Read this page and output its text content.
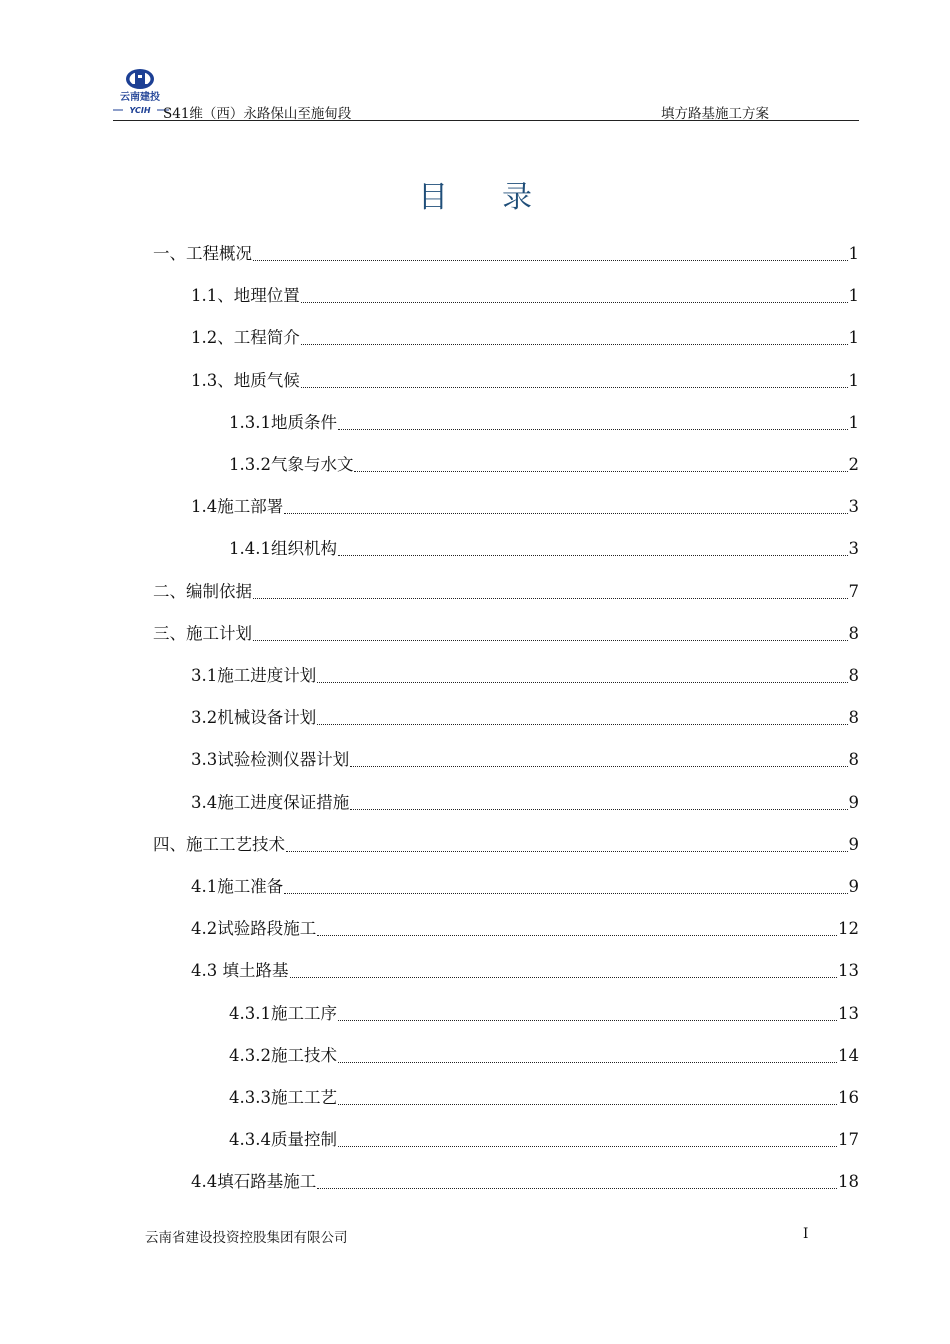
云南建投
YCIH S41维（西）永路保山至施甸段	填方路基施工方案
目录
一、工程概况	1
1.1、地理位置	1
1.2、工程简介	1
1.3、地质气候	1
1.3.1地质条件	1
1.3.2气象与水文	2
1.4施工部署	3
1.4.1组织机构	3
二、编制依据	7
三、施工计划	8
3.1施工进度计划	8
3.2机械设备计划	8
3.3试验检测仪器计划	8
3.4施工进度保证措施	9
四、施工工艺技术	9
4.1施工准备	9
4.2试验路段施工	12
4.3 填土路基	13
4.3.1施工工序	13
4.3.2施工技术	14
4.3.3施工工艺	16
4.3.4质量控制	17
4.4填石路基施工	18
云南省建设投资控股集团有限公司	I
